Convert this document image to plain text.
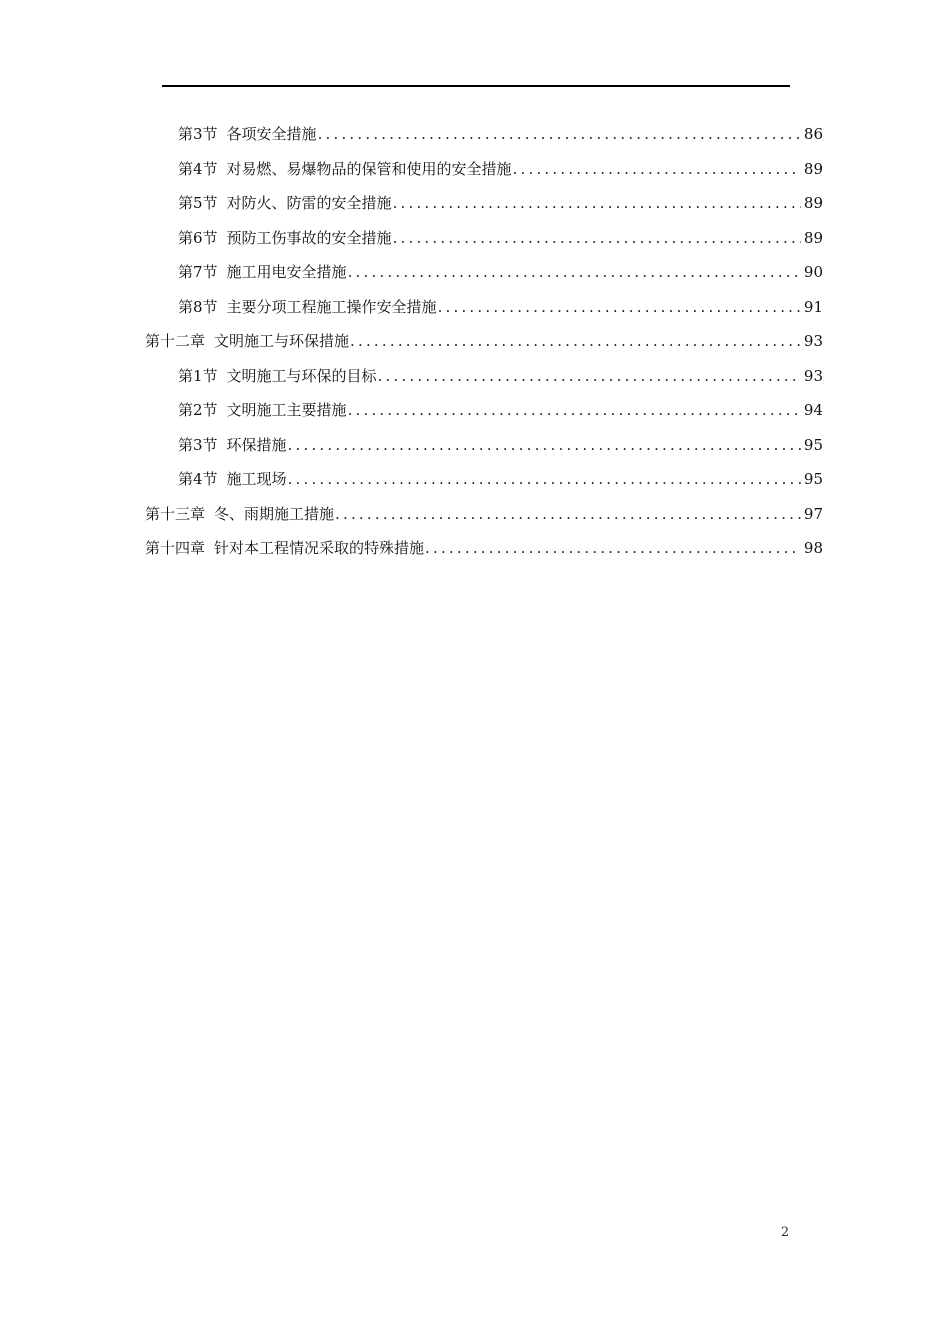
第3节 各项安全措施 .....	86
第4节 对易燃、易爆物品的保管和使用的安全措施 .....	89
第5节 对防火、防雷的安全措施 .....	89
第6节 预防工伤事故的安全措施 .....	89
第7节 施工用电安全措施 .....	90
第8节 主要分项工程施工操作安全措施 .....	91
第十二章 文明施工与环保措施 .....	93
第1节 文明施工与环保的目标 .....	93
第2节 文明施工主要措施 .....	94
第3节 环保措施 .....	95
第4节 施工现场 .....	95
第十三章 冬、雨期施工措施 .....	97
第十四章 针对本工程情况采取的特殊措施 .....	98
2
